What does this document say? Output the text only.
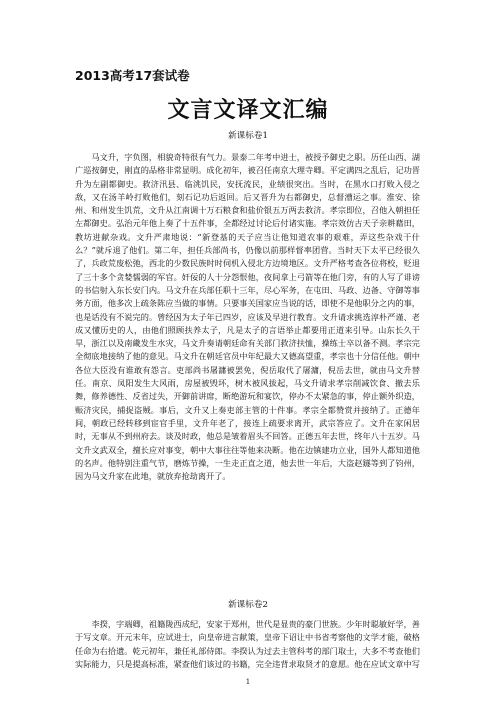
2013高考17套试卷
文言文译文汇编
新课标卷1

马文升，字负图，相貌奇特很有气力。景泰二年考中进士，被授予御史之职。历任山西、湖广巡按御史，刚直的品格非常显明。成化初年，被召任南京大理寺卿。平定满四之乱后，记功晋升为左副都御史。救济汛县、临洮饥民，安抚流民，业绩很突出。当时，在黑水口打败入侵之敌，又在汤羊岭打败他们，刻石记功后返回。后又晋升为右都御史，总督漕运之事。淮安、徐州、和州发生饥荒，文升从江南调十万石粮食和盐价银五万两去救济。孝宗即位，召他入朝担任左都御史。弘治元年他上奏了十五件事，全都经过讨论后付诸实施。孝宗效仿古天子亲耕藉田，教坊进献杂戏。文升严肃地说：“新登基的天子应当让他知道农事的艰难，弄这些杂戏干什么？”就斥退了他们。第二年，担任兵部尚书，仍像以前那样督率团营。当时天下太平已经很久了，兵政荒废松弛，西北的少数民族时时伺机入侵北方边境地区。文升严格考查各位将校，贬退了三十多个贪婪懦弱的军官。奸佞的人十分怨恨他，夜间拿上弓箭等在他门旁，有的人写了诽谤的书信射入东长安门内。马文升在兵部任职十三年，尽心军务，在屯田、马政、边备、守御等事务方面，他多次上疏条陈应当做的事情。只要事关国家应当说的话，即使不是他职分之内的事，也是话没有不说完的。曾经因为太子年已四岁，应该及早进行教育。文升请求挑选淳朴严谨、老成又懂历史的人，由他们照顾扶养太子，凡是太子的言语举止都要用正道来引导。山东长久干旱，浙江以及南畿发生水灾，马文升奏请朝廷命有关部门救济扶恤，操练士卒以备不测。孝宗完全彻底地接纳了他的意见。马文升在朝廷官员中年纪最大又德高望重，孝宗也十分信任他。朝中各位大臣没有谁敢有怨言。吏部尚书屠滽被罢免，倪岳取代了屠滽，倪岳去世，就由马文升替任。南京、凤阳发生大风雨，房屋被毁坏，树木被风拔起，马文升请求孝宗削减饮食、撤去乐舞，修养德性、反省过失，开御前讲席，断绝游玩和宴饮，停办不太紧急的事，停止额外织造，赈济灾民，捕捉盗贼。事后，文升又上奏吏部主管的十件事。孝宗全都赞赏并接纳了。正德年间，朝政已经转移到宦官手里，文升年老了，接连上疏要求离开，武宗答应了。文升在家闲居时，无事从不到州府去。谈及时政，他总是皱着眉头不回答。正德五年去世，终年八十五岁。马文升文武双全，擅长应对事变，朝中大事往往等他来决断。他在边镇建功立业，国外人都知道他的名声。他特别注重气节，磨炼节操，一生走正直之道，他去世一年后，大盗赵鐩等到了钧州，因为马文升家在此地，就放弃抢劫离开了。

新课标卷2

李揆，字端卿，祖籍陇西成纪，安家于郑州，世代是显贵的豪门世族。少年时聪敏好学，善于写文章。开元末年，应试进士，向皇帝进言献策，皇帝下诏让中书省考察他的文学才能，破格任命为右拾遗。乾元初年，兼任礼部侍郎。李揆认为过去主管科考的部门取士，大多不考查他们实际能力，只是提高标准，紧查他们该过的书籍，完全违背求取贤才的意愿。他在应试文章中写

1
